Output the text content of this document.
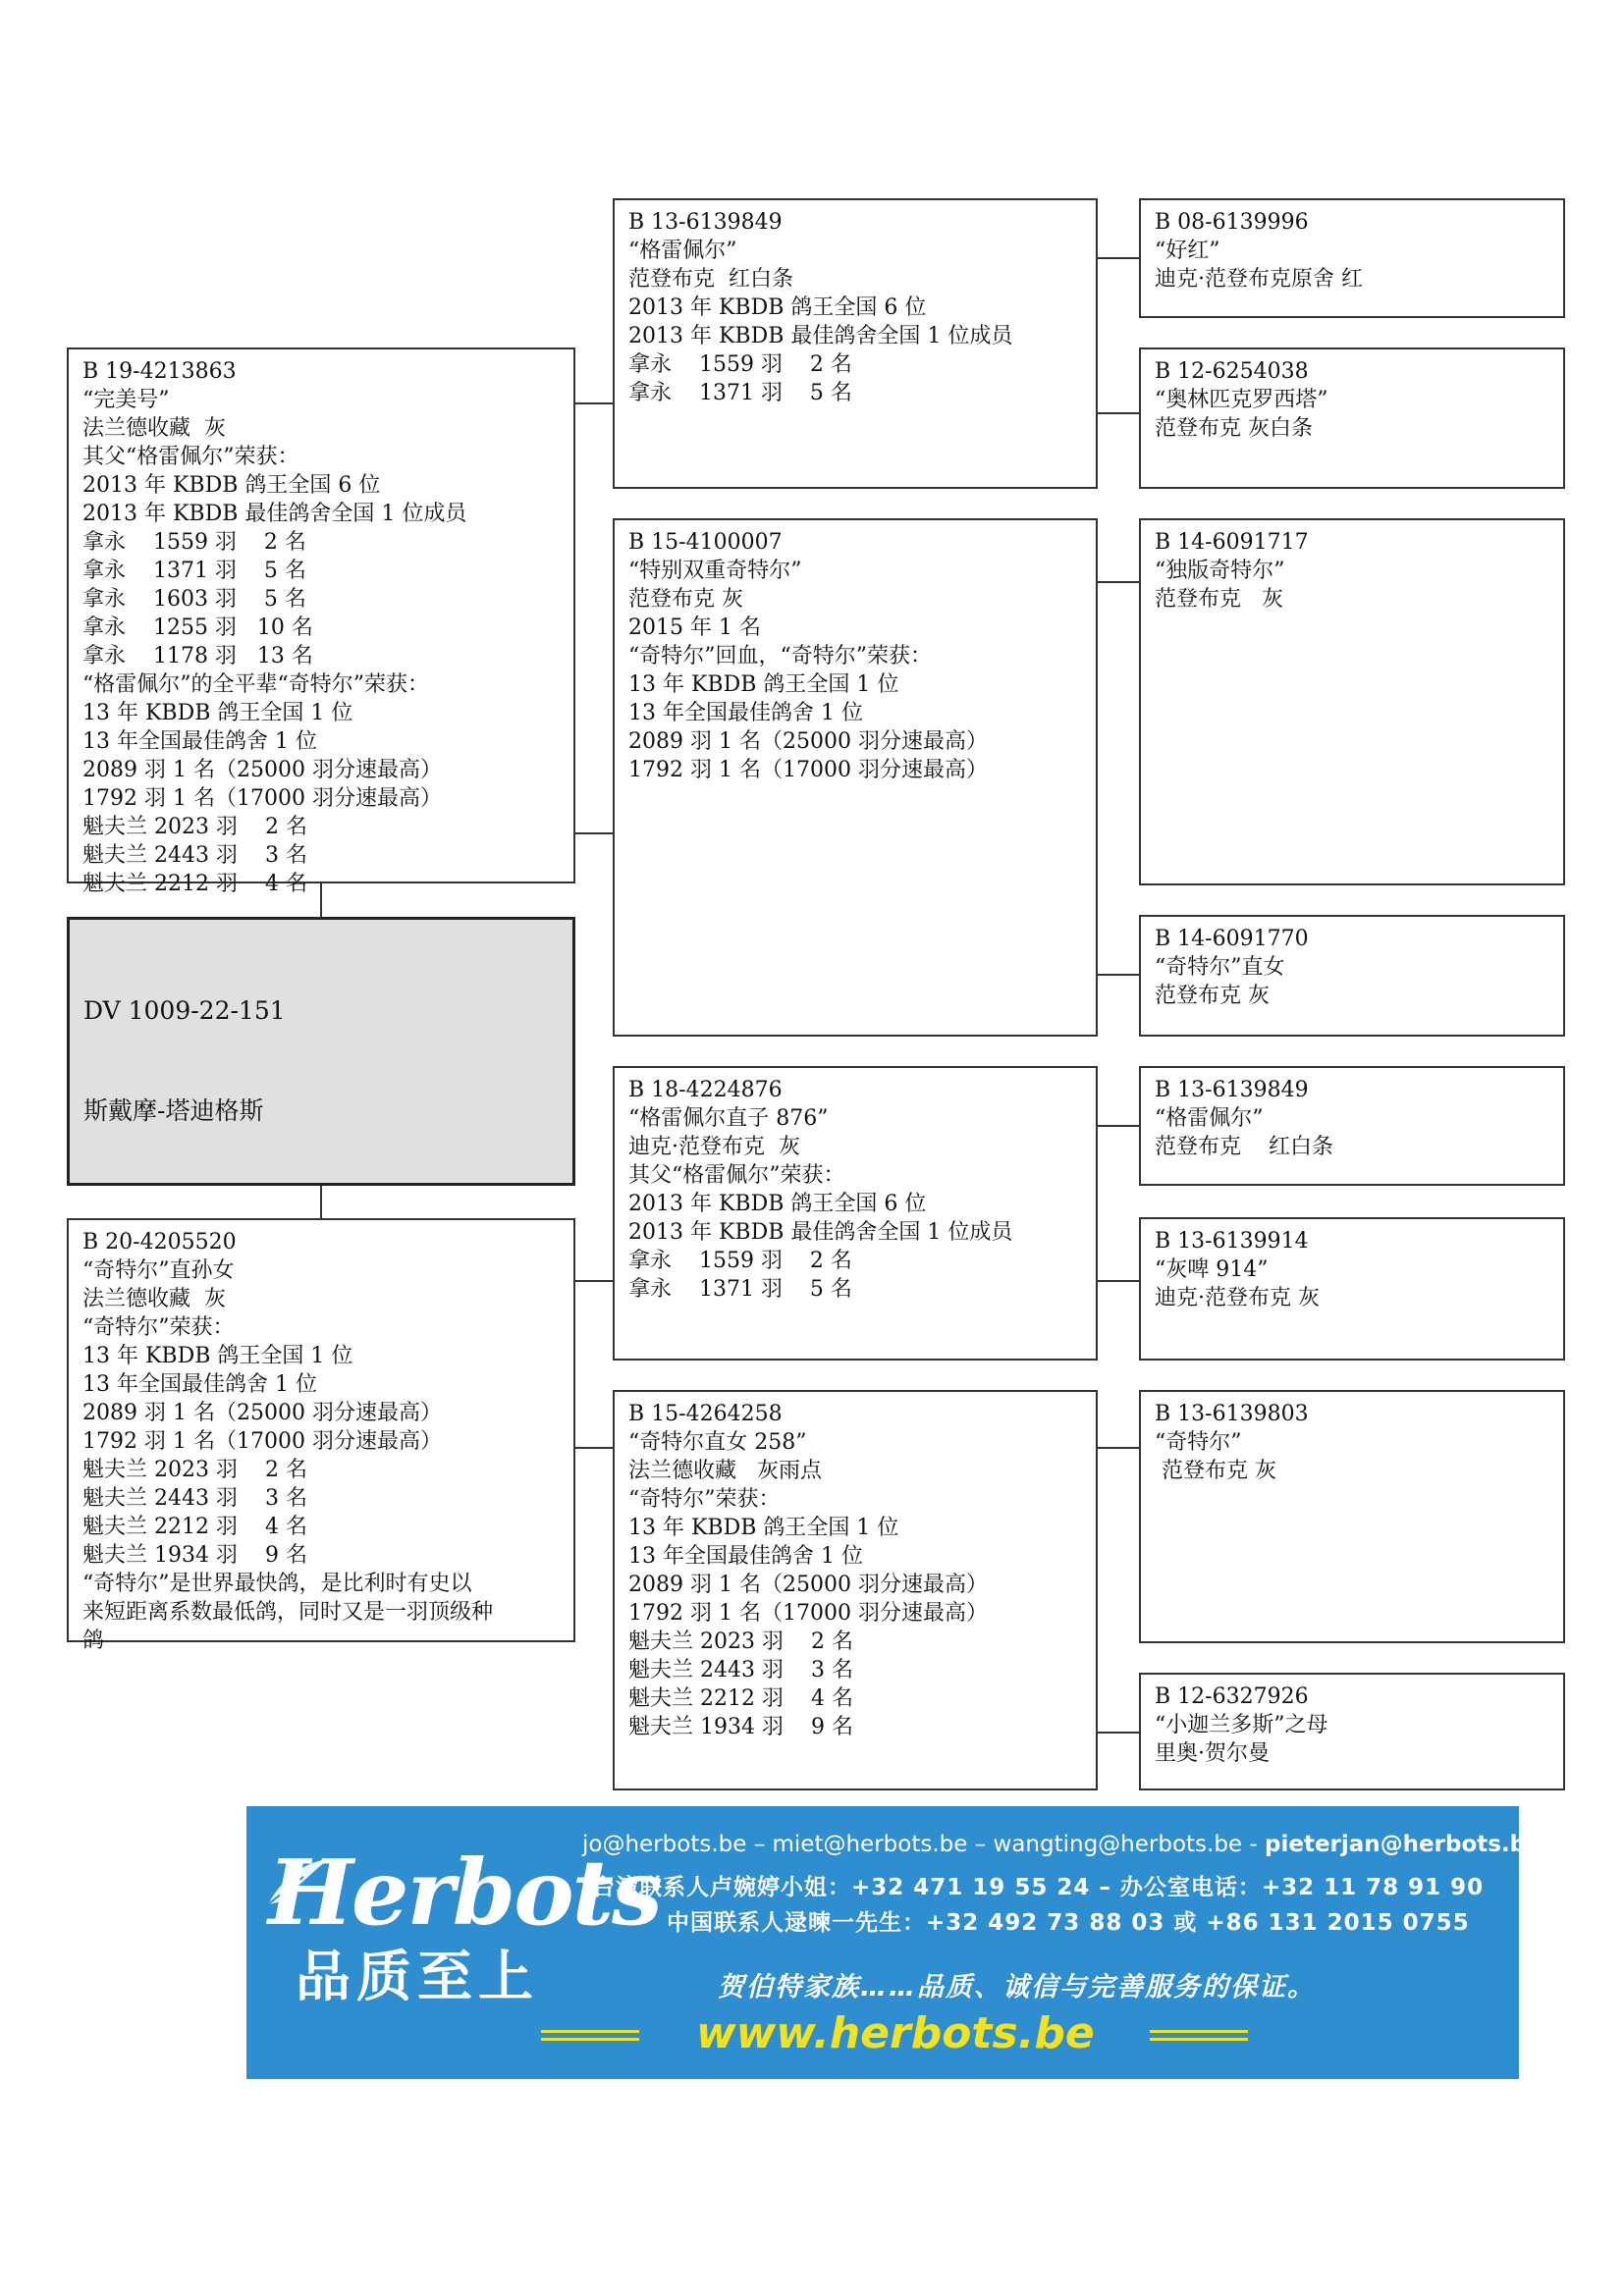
B 19-4213863
“完美号”
法兰德收藏  灰
其父“格雷佩尔”荣获：
2013 年 KBDB 鸽王全国 6 位
2013 年 KBDB 最佳鸽舍全国 1 位成员
拿永    1559 羽    2 名
拿永    1371 羽    5 名
拿永    1603 羽    5 名
拿永    1255 羽   10 名
拿永    1178 羽   13 名
“格雷佩尔”的全平辈“奇特尔”荣获：
13 年 KBDB 鸽王全国 1 位
13 年全国最佳鸽舍 1 位
2089 羽 1 名（25000 羽分速最高）
1792 羽 1 名（17000 羽分速最高）
魁夫兰 2023 羽    2 名
魁夫兰 2443 羽    3 名
魁夫兰 2212 羽    4 名

DV 1009-22-151

斯戴摩-塔迪格斯

B 20-4205520
“奇特尔”直孙女
法兰德收藏  灰
“奇特尔”荣获：
13 年 KBDB 鸽王全国 1 位
13 年全国最佳鸽舍 1 位
2089 羽 1 名（25000 羽分速最高）
1792 羽 1 名（17000 羽分速最高）
魁夫兰 2023 羽    2 名
魁夫兰 2443 羽    3 名
魁夫兰 2212 羽    4 名
魁夫兰 1934 羽    9 名
“奇特尔”是世界最快鸽，是比利时有史以
来短距离系数最低鸽，同时又是一羽顶级种
鸽
B 13-6139849
“格雷佩尔”
范登布克  红白条
2013 年 KBDB 鸽王全国 6 位
2013 年 KBDB 最佳鸽舍全国 1 位成员
拿永    1559 羽    2 名
拿永    1371 羽    5 名
B 15-4100007
“特别双重奇特尔”
范登布克 灰
2015 年 1 名
“奇特尔”回血，“奇特尔”荣获：
13 年 KBDB 鸽王全国 1 位
13 年全国最佳鸽舍 1 位
2089 羽 1 名（25000 羽分速最高）
1792 羽 1 名（17000 羽分速最高）
B 18-4224876
“格雷佩尔直子 876”
迪克·范登布克  灰
其父“格雷佩尔”荣获：
2013 年 KBDB 鸽王全国 6 位
2013 年 KBDB 最佳鸽舍全国 1 位成员
拿永    1559 羽    2 名
拿永    1371 羽    5 名
B 15-4264258
“奇特尔直女 258”
法兰德收藏   灰雨点
“奇特尔”荣获：
13 年 KBDB 鸽王全国 1 位
13 年全国最佳鸽舍 1 位
2089 羽 1 名（25000 羽分速最高）
1792 羽 1 名（17000 羽分速最高）
魁夫兰 2023 羽    2 名
魁夫兰 2443 羽    3 名
魁夫兰 2212 羽    4 名
魁夫兰 1934 羽    9 名
B 08-6139996
“好红”
迪克·范登布克原舍 红
B 12-6254038
“奥林匹克罗西塔”
范登布克 灰白条
B 14-6091717
“独版奇特尔”
范登布克   灰
B 14-6091770
“奇特尔”直女
范登布克 灰
B 13-6139849
“格雷佩尔”
范登布克    红白条
B 13-6139914
“灰啤 914”
迪克·范登布克 灰
B 13-6139803
“奇特尔”
范登布克 灰
B 12-6327926
“小迦兰多斯”之母
里奥·贺尔曼
Herbots
品质至上
jo@herbots.be – miet@herbots.be – wangting@herbots.be - pieterjan@herbots.be
台湾联系人卢婉婷小姐：+32 471 19 55 24 – 办公室电话：+32 11 78 91 90
中国联系人逯暕一先生：+32 492 73 88 03 或 +86 131 2015 0755
贺伯特家族……品质、诚信与完善服务的保证。
www.herbots.be
